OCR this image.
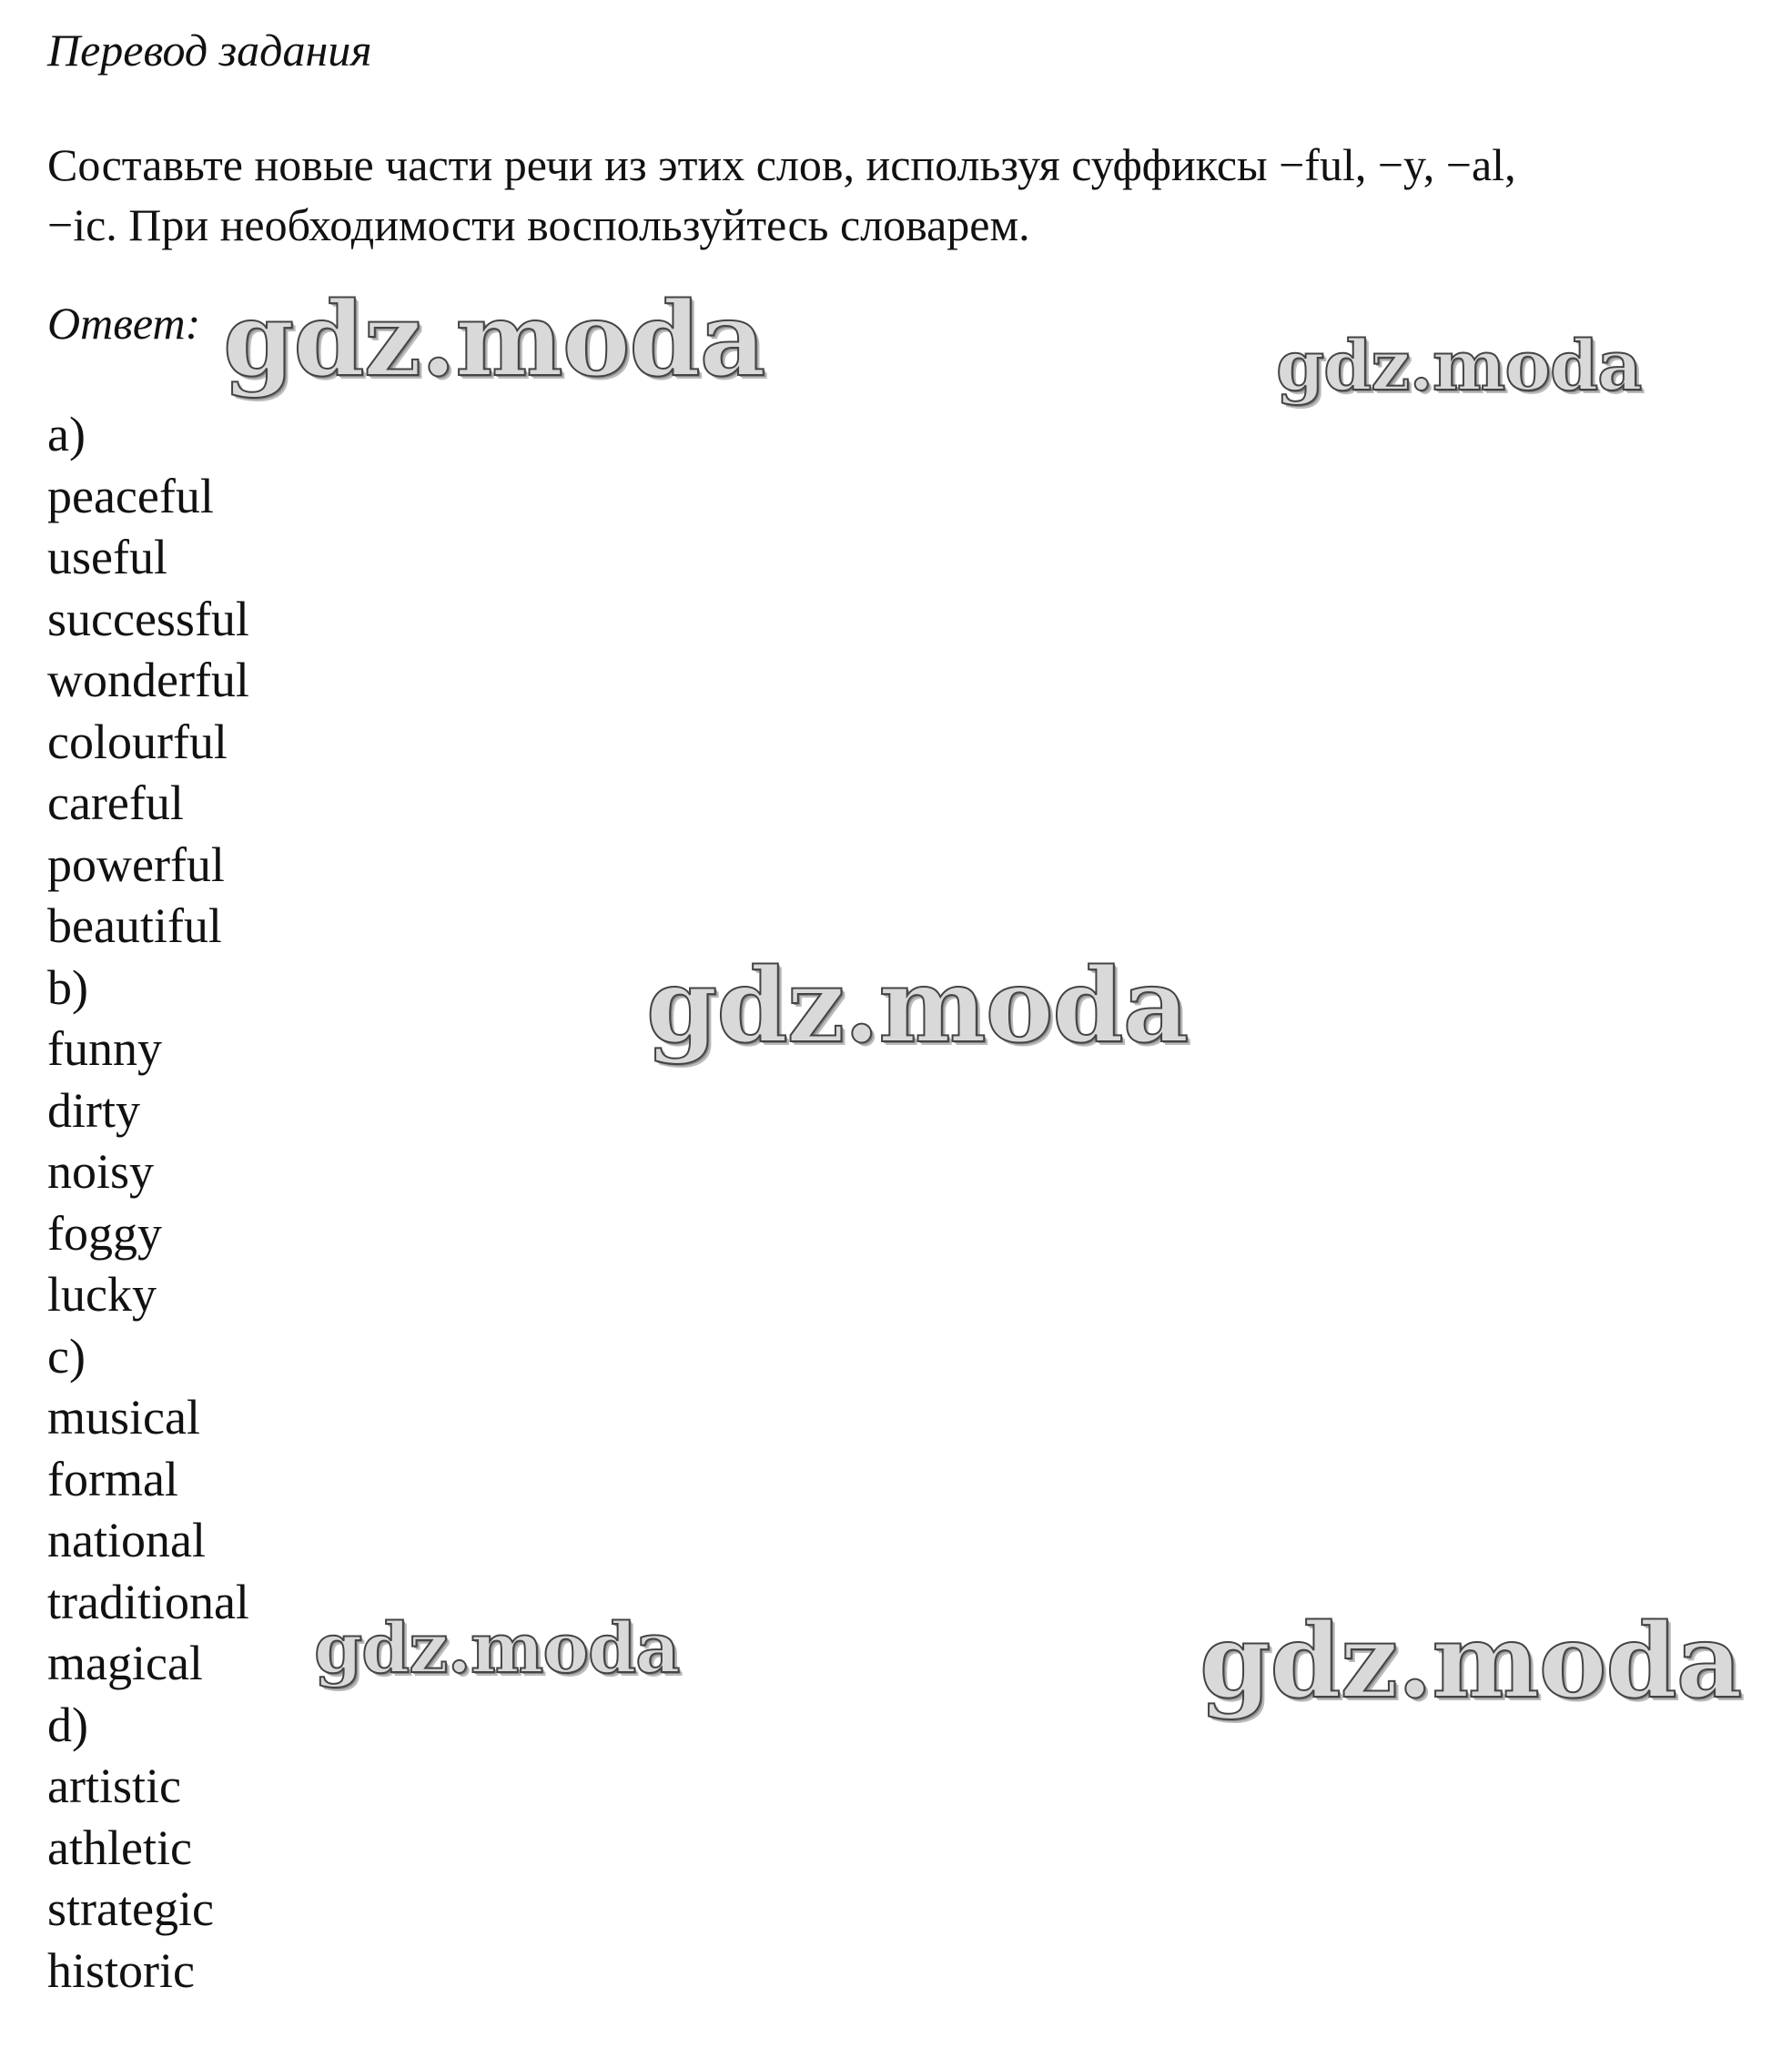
Перевод задания

Составьте новые части речи из этих слов, используя суффиксы −ful, −y, −al,
−ic. При необходимости воспользуйтесь словарем.

Ответ:
a)
peaceful
useful
successful
wonderful
colourful
careful
powerful
beautiful
b)
funny
dirty
noisy
foggy
lucky
c)
musical
formal
national
traditional
magical
d)
artistic
athletic
strategic
historic
gdz.moda	gdz.moda
gdz.moda
gdz.moda	gdz.moda
